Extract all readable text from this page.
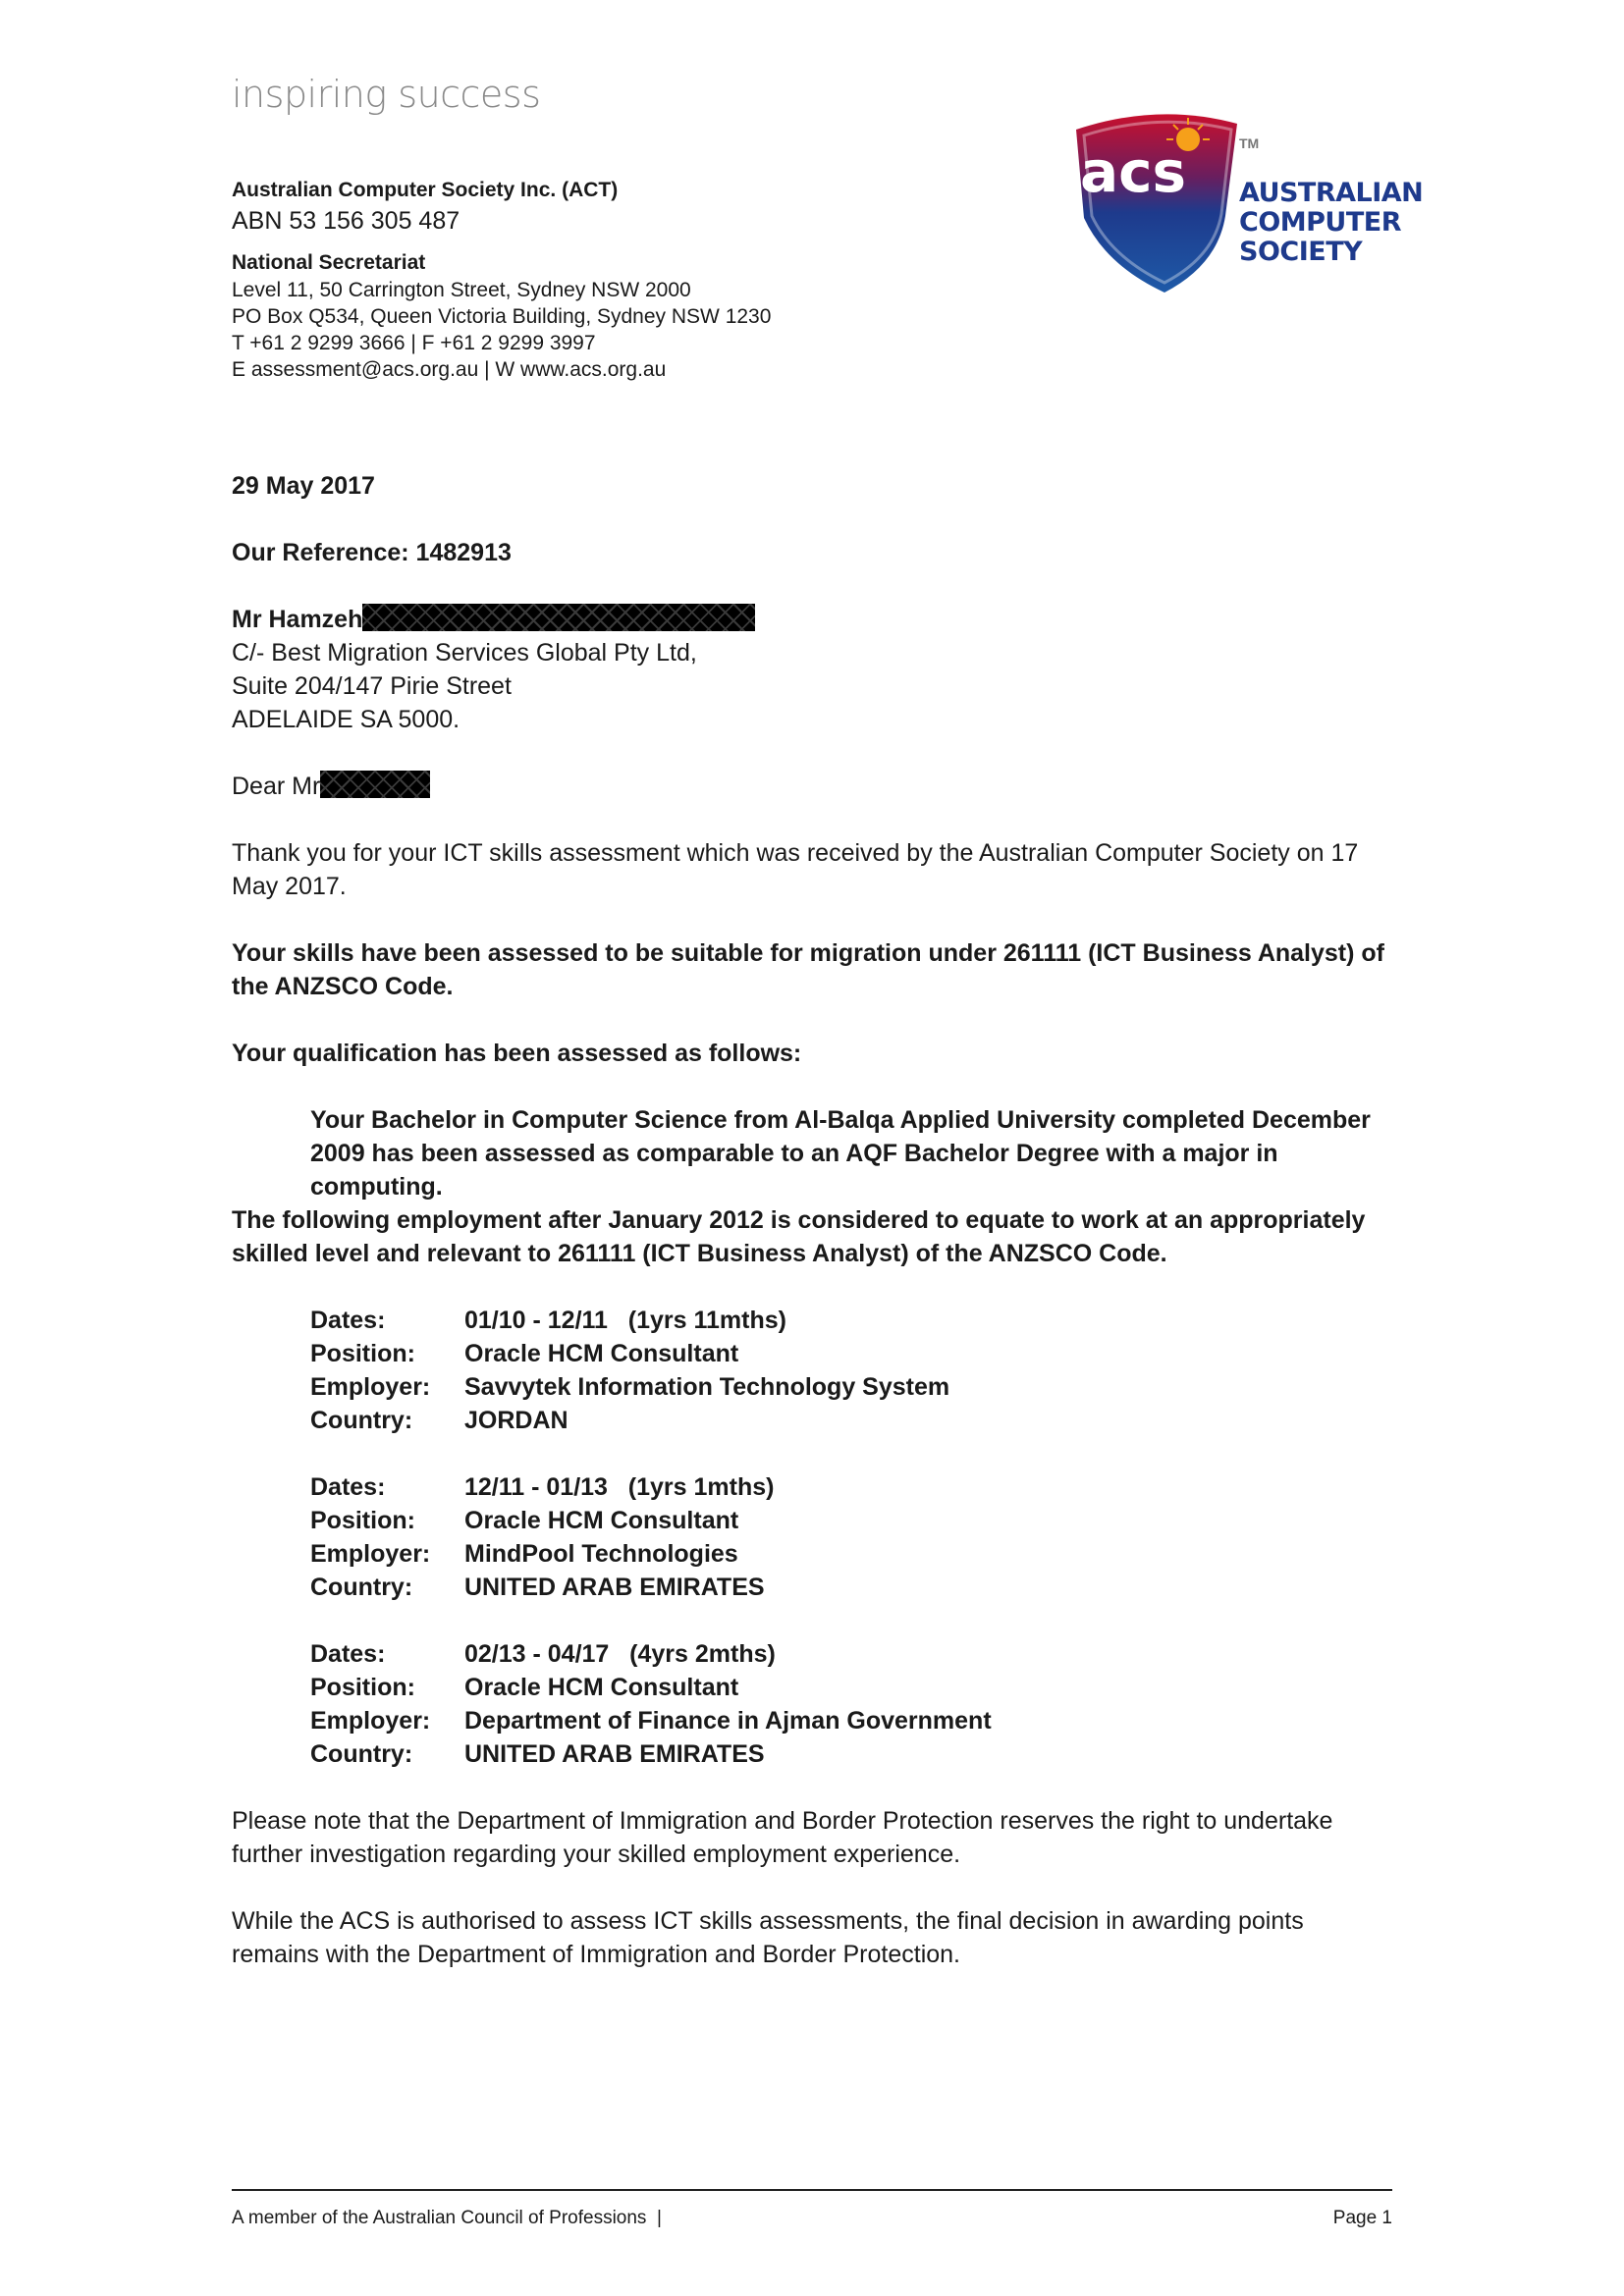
inspiring success
acs	TM
AUSTRALIAN
COMPUTER
SOCIETY
Australian Computer Society Inc. (ACT)
ABN 53 156 305 487
National Secretariat
Level 11, 50 Carrington Street, Sydney NSW 2000
PO Box Q534, Queen Victoria Building, Sydney NSW 1230
T +61 2 9299 3666 | F +61 2 9299 3997
E assessment@acs.org.au | W www.acs.org.au
29 May 2017
Our Reference: 1482913
Mr Hamzeh
C/- Best Migration Services Global Pty Ltd,
Suite 204/147 Pirie Street
ADELAIDE SA 5000.
Dear Mr
Thank you for your ICT skills assessment which was received by the Australian Computer Society on 17 May 2017.
Your skills have been assessed to be suitable for migration under 261111 (ICT Business Analyst) of the ANZSCO Code.
Your qualification has been assessed as follows:
Your Bachelor in Computer Science from Al-Balqa Applied University completed December 2009 has been assessed as comparable to an AQF Bachelor Degree with a major in computing.
The following employment after January 2012 is considered to equate to work at an appropriately skilled level and relevant to 261111 (ICT Business Analyst) of the ANZSCO Code.
Dates:	01/10 - 12/11   (1yrs 11mths)
Position:	Oracle HCM Consultant
Employer:	Savvytek Information Technology System
Country:	JORDAN
Dates:	12/11 - 01/13   (1yrs 1mths)
Position:	Oracle HCM Consultant
Employer:	MindPool Technologies
Country:	UNITED ARAB EMIRATES
Dates:	02/13 - 04/17   (4yrs 2mths)
Position:	Oracle HCM Consultant
Employer:	Department of Finance in Ajman Government
Country:	UNITED ARAB EMIRATES
Please note that the Department of Immigration and Border Protection reserves the right to undertake further investigation regarding your skilled employment experience.
While the ACS is authorised to assess ICT skills assessments, the final decision in awarding points remains with the Department of Immigration and Border Protection.
A member of the Australian Council of Professions  |	Page 1
